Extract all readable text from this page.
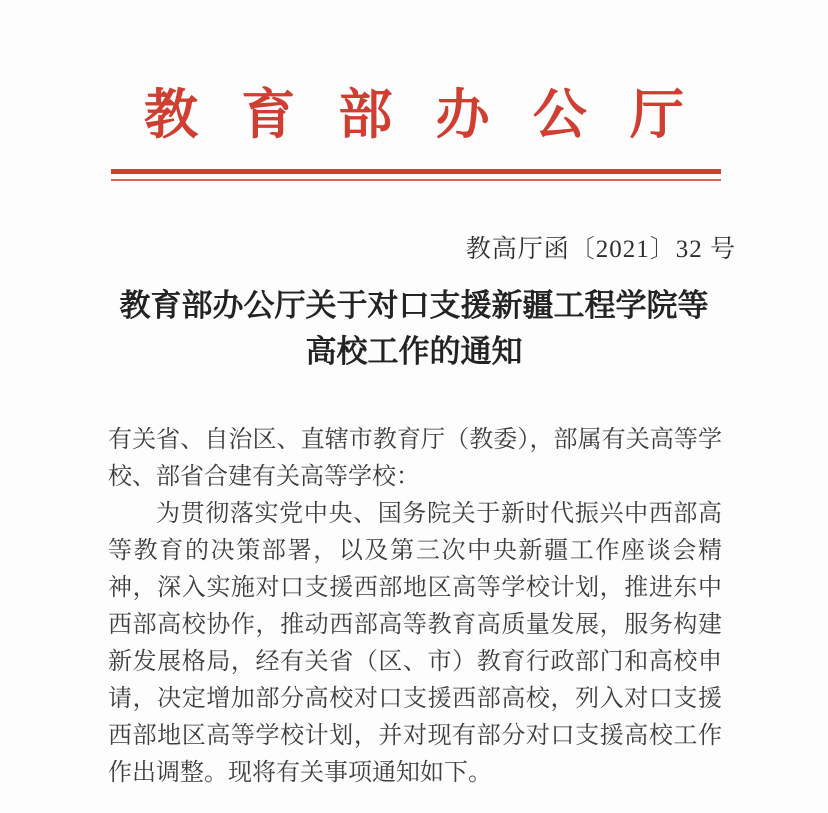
教育部办公厅
教高厅函〔2021〕32 号
教育部办公厅关于对口支援新疆工程学院等
高校工作的通知

有关省、自治区、直辖市教育厅（教委），部属有关高等学校、部省合建有关高等学校：

为贯彻落实党中央、国务院关于新时代振兴中西部高等教育的决策部署，以及第三次中央新疆工作座谈会精神，深入实施对口支援西部地区高等学校计划，推进东中西部高校协作，推动西部高等教育高质量发展，服务构建新发展格局，经有关省（区、市）教育行政部门和高校申请，决定增加部分高校对口支援西部高校，列入对口支援西部地区高等学校计划，并对现有部分对口支援高校工作作出调整。现将有关事项通知如下。
